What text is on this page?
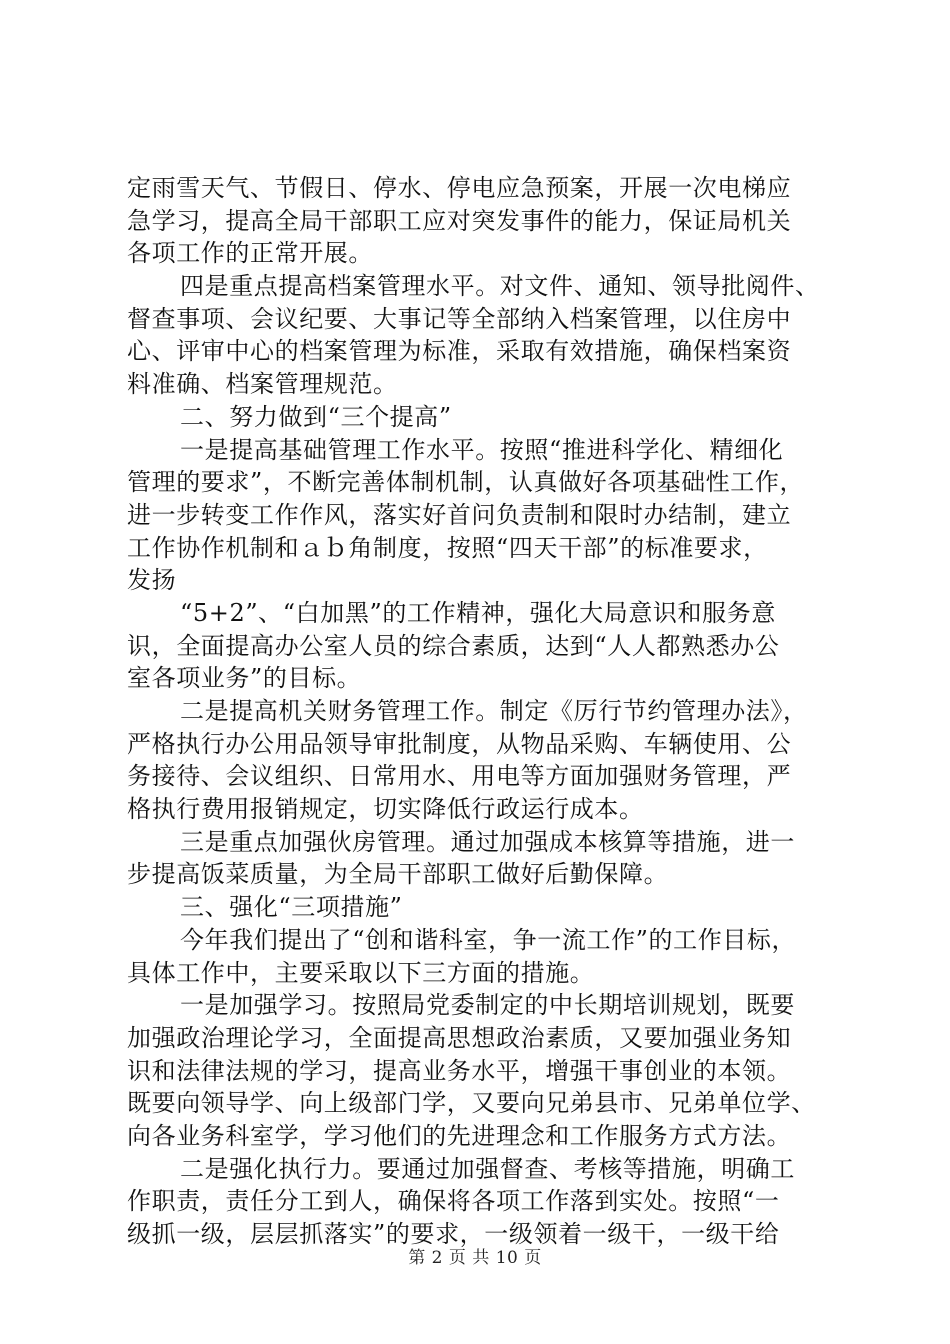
定雨雪天气、节假日、停水、停电应急预案，开展一次电梯应
急学习，提高全局干部职工应对突发事件的能力，保证局机关
各项工作的正常开展。
四是重点提高档案管理水平。对文件、通知、领导批阅件、
督查事项、会议纪要、大事记等全部纳入档案管理，以住房中
心、评审中心的档案管理为标准，采取有效措施，确保档案资
料准确、档案管理规范。
二、努力做到“三个提高”
一是提高基础管理工作水平。按照“推进科学化、精细化
管理的要求”，不断完善体制机制，认真做好各项基础性工作，
进一步转变工作作风，落实好首问负责制和限时办结制，建立
工作协作机制和ａｂ角制度，按照“四天干部”的标准要求，
发扬
“5+2”、“白加黑”的工作精神，强化大局意识和服务意
识，全面提高办公室人员的综合素质，达到“人人都熟悉办公
室各项业务”的目标。
二是提高机关财务管理工作。制定《厉行节约管理办法》，
严格执行办公用品领导审批制度，从物品采购、车辆使用、公
务接待、会议组织、日常用水、用电等方面加强财务管理，严
格执行费用报销规定，切实降低行政运行成本。
三是重点加强伙房管理。通过加强成本核算等措施，进一
步提高饭菜质量，为全局干部职工做好后勤保障。
三、强化“三项措施”
今年我们提出了“创和谐科室，争一流工作”的工作目标，
具体工作中，主要采取以下三方面的措施。
一是加强学习。按照局党委制定的中长期培训规划，既要
加强政治理论学习，全面提高思想政治素质，又要加强业务知
识和法律法规的学习，提高业务水平，增强干事创业的本领。
既要向领导学、向上级部门学，又要向兄弟县市、兄弟单位学、
向各业务科室学，学习他们的先进理念和工作服务方式方法。
二是强化执行力。要通过加强督查、考核等措施，明确工
作职责，责任分工到人，确保将各项工作落到实处。按照“一
级抓一级，层层抓落实”的要求，一级领着一级干，一级干给
第 2 页 共 10 页
